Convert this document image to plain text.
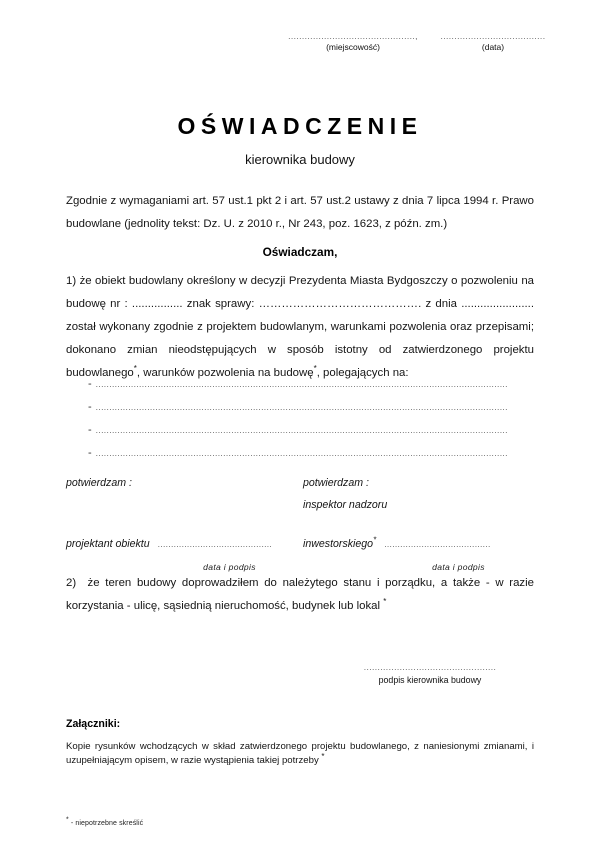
..............................................,
(miejscowość)
......................................
(data)
OŚWIADCZENIE
kierownika budowy
Zgodnie z wymaganiami art. 57 ust.1 pkt 2 i art. 57 ust.2 ustawy z dnia 7 lipca 1994 r. Prawo budowlane (jednolity tekst: Dz. U. z 2010 r., Nr 243, poz. 1623, z późn. zm.)
Oświadczam,
1) że obiekt budowlany określony w decyzji Prezydenta Miasta Bydgoszczy o pozwoleniu na budowę nr : ................ znak sprawy: ……………………………………. z dnia ....................... został wykonany zgodnie z projektem budowlanym, warunkami pozwolenia oraz przepisami; dokonano zmian nieodstępujących w sposób istotny od zatwierdzonego projektu budowlanego*, warunków pozwolenia na budowę*, polegających na:
- ........................................................................................................................................................
- ........................................................................................................................................................
- ........................................................................................................................................................
- ........................................................................................................................................................
potwierdzam :

projektant obiektu ...........................................
data i podpis
potwierdzam :
inspektor nadzoru

inwestorskiego* ........................................
data i podpis
2) że teren budowy doprowadziłem do należytego stanu i porządku, a także - w razie korzystania - ulicę, sąsiednią nieruchomość, budynek lub lokal *
................................................
podpis kierownika budowy
Załączniki:
Kopie rysunków wchodzących w skład zatwierdzonego projektu budowlanego, z naniesionymi zmianami, i uzupełniającym opisem, w razie wystąpienia takiej potrzeby *
* - niepotrzebne skreślić
